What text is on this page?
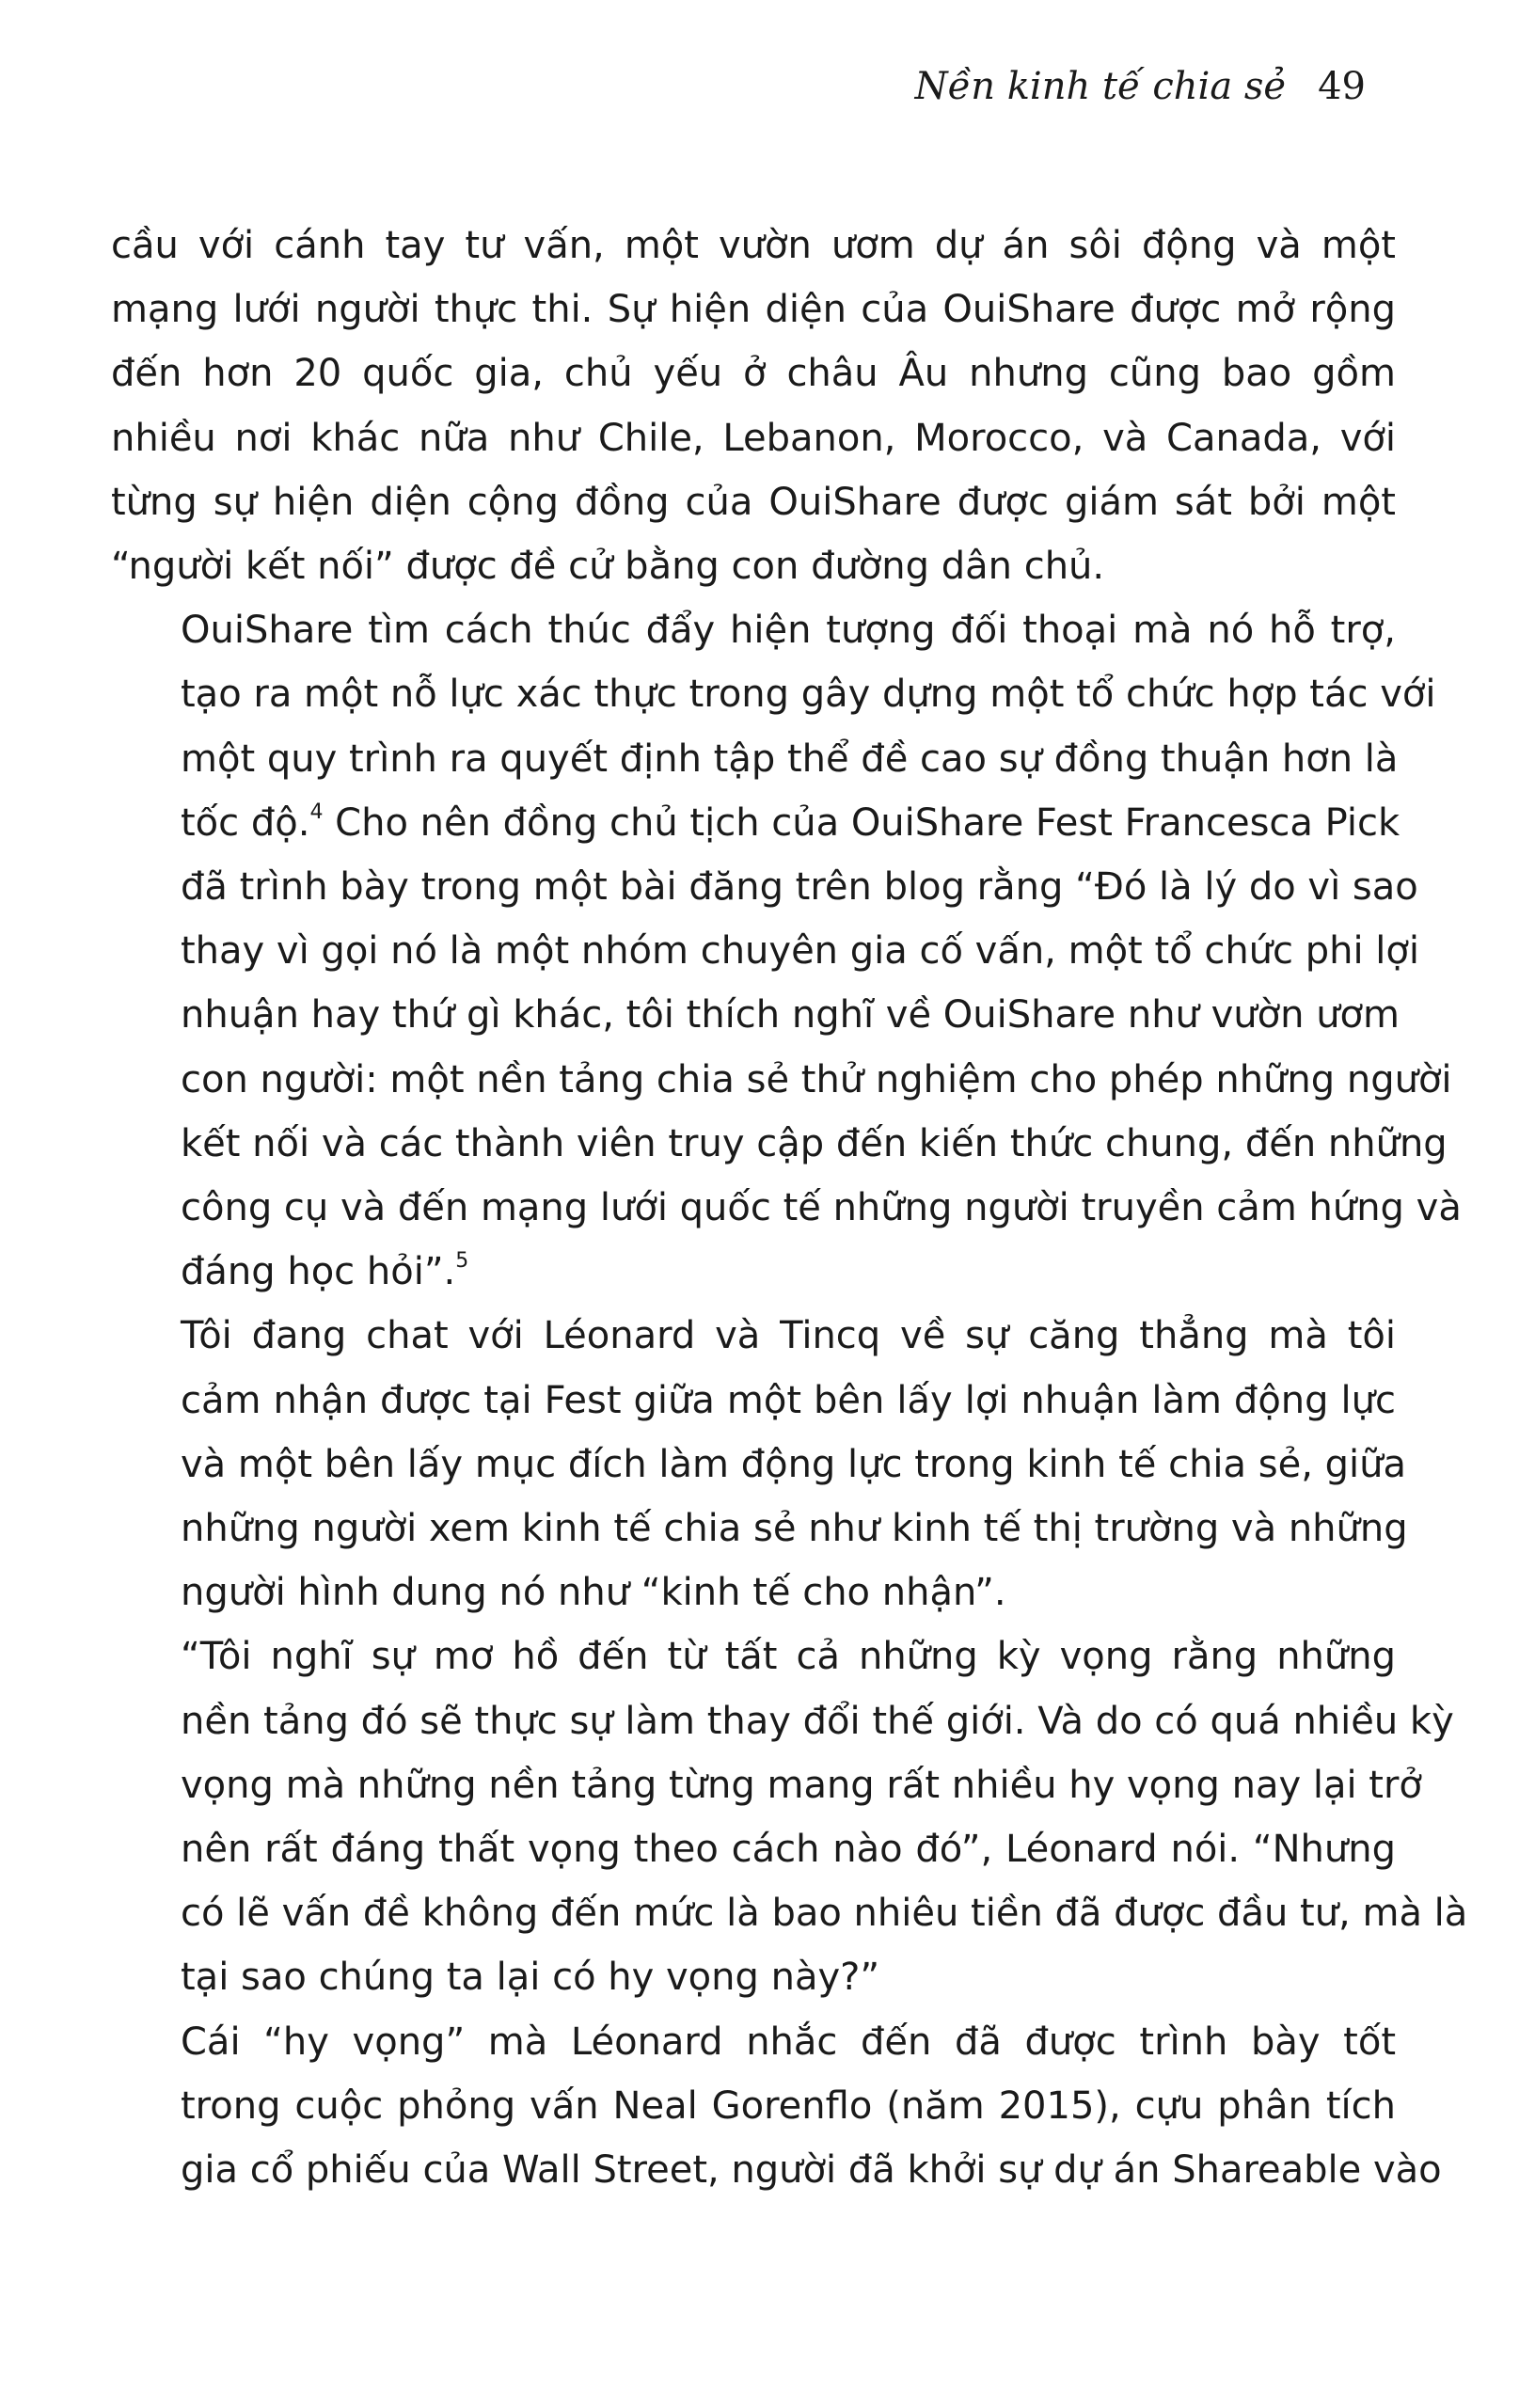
Nền kinh tế chia sẻ 49

cầu với cánh tay tư vấn, một vườn ươm dự án sôi động và một
mạng lưới người thực thi. Sự hiện diện của OuiShare được mở rộng
đến hơn 20 quốc gia, chủ yếu ở châu Âu nhưng cũng bao gồm
nhiều nơi khác nữa như Chile, Lebanon, Morocco, và Canada, với
từng sự hiện diện cộng đồng của OuiShare được giám sát bởi một
“người kết nối” được đề cử bằng con đường dân chủ.

OuiShare tìm cách thúc đẩy hiện tượng đối thoại mà nó hỗ trợ,
tạo ra một nỗ lực xác thực trong gây dựng một tổ chức hợp tác với
một quy trình ra quyết định tập thể đề cao sự đồng thuận hơn là
tốc độ.$^4$ Cho nên đồng chủ tịch của OuiShare Fest Francesca Pick
đã trình bày trong một bài đăng trên blog rằng “Đó là lý do vì sao
thay vì gọi nó là một nhóm chuyên gia cố vấn, một tổ chức phi lợi
nhuận hay thứ gì khác, tôi thích nghĩ về OuiShare như vườn ươm
con người: một nền tảng chia sẻ thử nghiệm cho phép những người
kết nối và các thành viên truy cập đến kiến thức chung, đến những
công cụ và đến mạng lưới quốc tế những người truyền cảm hứng và
đáng học hỏi”.$^5$

Tôi đang chat với Léonard và Tincq về sự căng thẳng mà tôi
cảm nhận được tại Fest giữa một bên lấy lợi nhuận làm động lực
và một bên lấy mục đích làm động lực trong kinh tế chia sẻ, giữa
những người xem kinh tế chia sẻ như kinh tế thị trường và những
người hình dung nó như “kinh tế cho nhận”.

“Tôi nghĩ sự mơ hồ đến từ tất cả những kỳ vọng rằng những
nền tảng đó sẽ thực sự làm thay đổi thế giới. Và do có quá nhiều kỳ
vọng mà những nền tảng từng mang rất nhiều hy vọng nay lại trở
nên rất đáng thất vọng theo cách nào đó”, Léonard nói. “Nhưng
có lẽ vấn đề không đến mức là bao nhiêu tiền đã được đầu tư, mà là
tại sao chúng ta lại có hy vọng này?”

Cái “hy vọng” mà Léonard nhắc đến đã được trình bày tốt
trong cuộc phỏng vấn Neal Gorenflo (năm 2015), cựu phân tích
gia cổ phiếu của Wall Street, người đã khởi sự dự án Shareable vào
